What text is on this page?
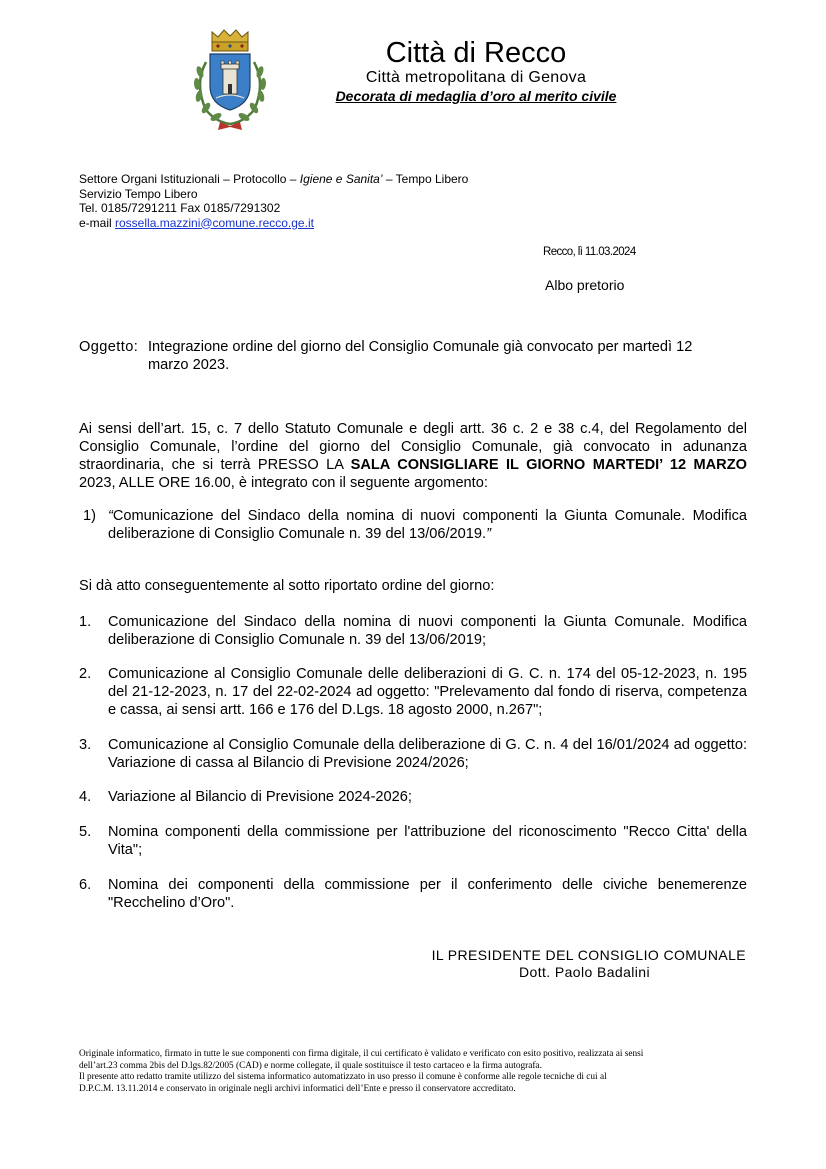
Città di Recco
Città metropolitana di Genova
Decorata di medaglia d’oro al merito civile
Settore Organi Istituzionali – Protocollo – Igiene e Sanita’ – Tempo Libero
Servizio Tempo Libero
Tel. 0185/7291211 Fax 0185/7291302
e-mail rossella.mazzini@comune.recco.ge.it
Recco, lì 11.03.2024
Albo pretorio
Oggetto: Integrazione ordine del giorno del Consiglio Comunale già convocato per martedì 12
marzo 2023.
Ai sensi dell’art. 15, c. 7 dello Statuto Comunale e degli artt. 36 c. 2 e 38 c.4, del Regolamento del Consiglio Comunale, l’ordine del giorno del Consiglio Comunale, già convocato in adunanza straordinaria, che si terrà PRESSO LA SALA CONSIGLIARE IL GIORNO MARTEDI’ 12 MARZO 2023, ALLE ORE 16.00, è integrato con il seguente argomento:
1) “Comunicazione del Sindaco della nomina di nuovi componenti la Giunta Comunale. Modifica deliberazione di Consiglio Comunale n. 39 del 13/06/2019.”
Si dà atto conseguentemente al sotto riportato ordine del giorno:
1.	Comunicazione del Sindaco della nomina di nuovi componenti la Giunta Comunale. Modifica deliberazione di Consiglio Comunale n. 39 del 13/06/2019;
2.	Comunicazione al Consiglio Comunale delle deliberazioni di G. C. n. 174 del 05-12-2023, n. 195 del 21-12-2023, n. 17 del 22-02-2024 ad oggetto: "Prelevamento dal fondo di riserva, competenza e cassa, ai sensi artt. 166 e 176 del D.Lgs. 18 agosto 2000, n.267";
3.	Comunicazione al Consiglio Comunale della deliberazione di G. C. n. 4 del 16/01/2024 ad oggetto: Variazione di cassa al Bilancio di Previsione 2024/2026;
4.	Variazione al Bilancio di Previsione 2024-2026;
5.	Nomina componenti della commissione per l'attribuzione del riconoscimento "Recco Citta' della Vita";
6.	Nomina dei componenti della commissione per il conferimento delle civiche benemerenze "Recchelino d’Oro".
IL PRESIDENTE DEL CONSIGLIO COMUNALE
Dott. Paolo Badalini
Originale informatico, firmato in tutte le sue componenti con firma digitale, il cui certificato è validato e verificato con esito positivo, realizzata ai sensi
dell’art.23 comma 2bis del D.lgs.82/2005 (CAD) e norme collegate, il quale sostituisce il testo cartaceo e la firma autografa.
Il presente atto redatto tramite utilizzo del sistema informatico automatizzato in uso presso il comune è conforme alle regole tecniche di cui al
D.P.C.M. 13.11.2014 e conservato in originale negli archivi informatici dell’Ente e presso il conservatore accreditato.
